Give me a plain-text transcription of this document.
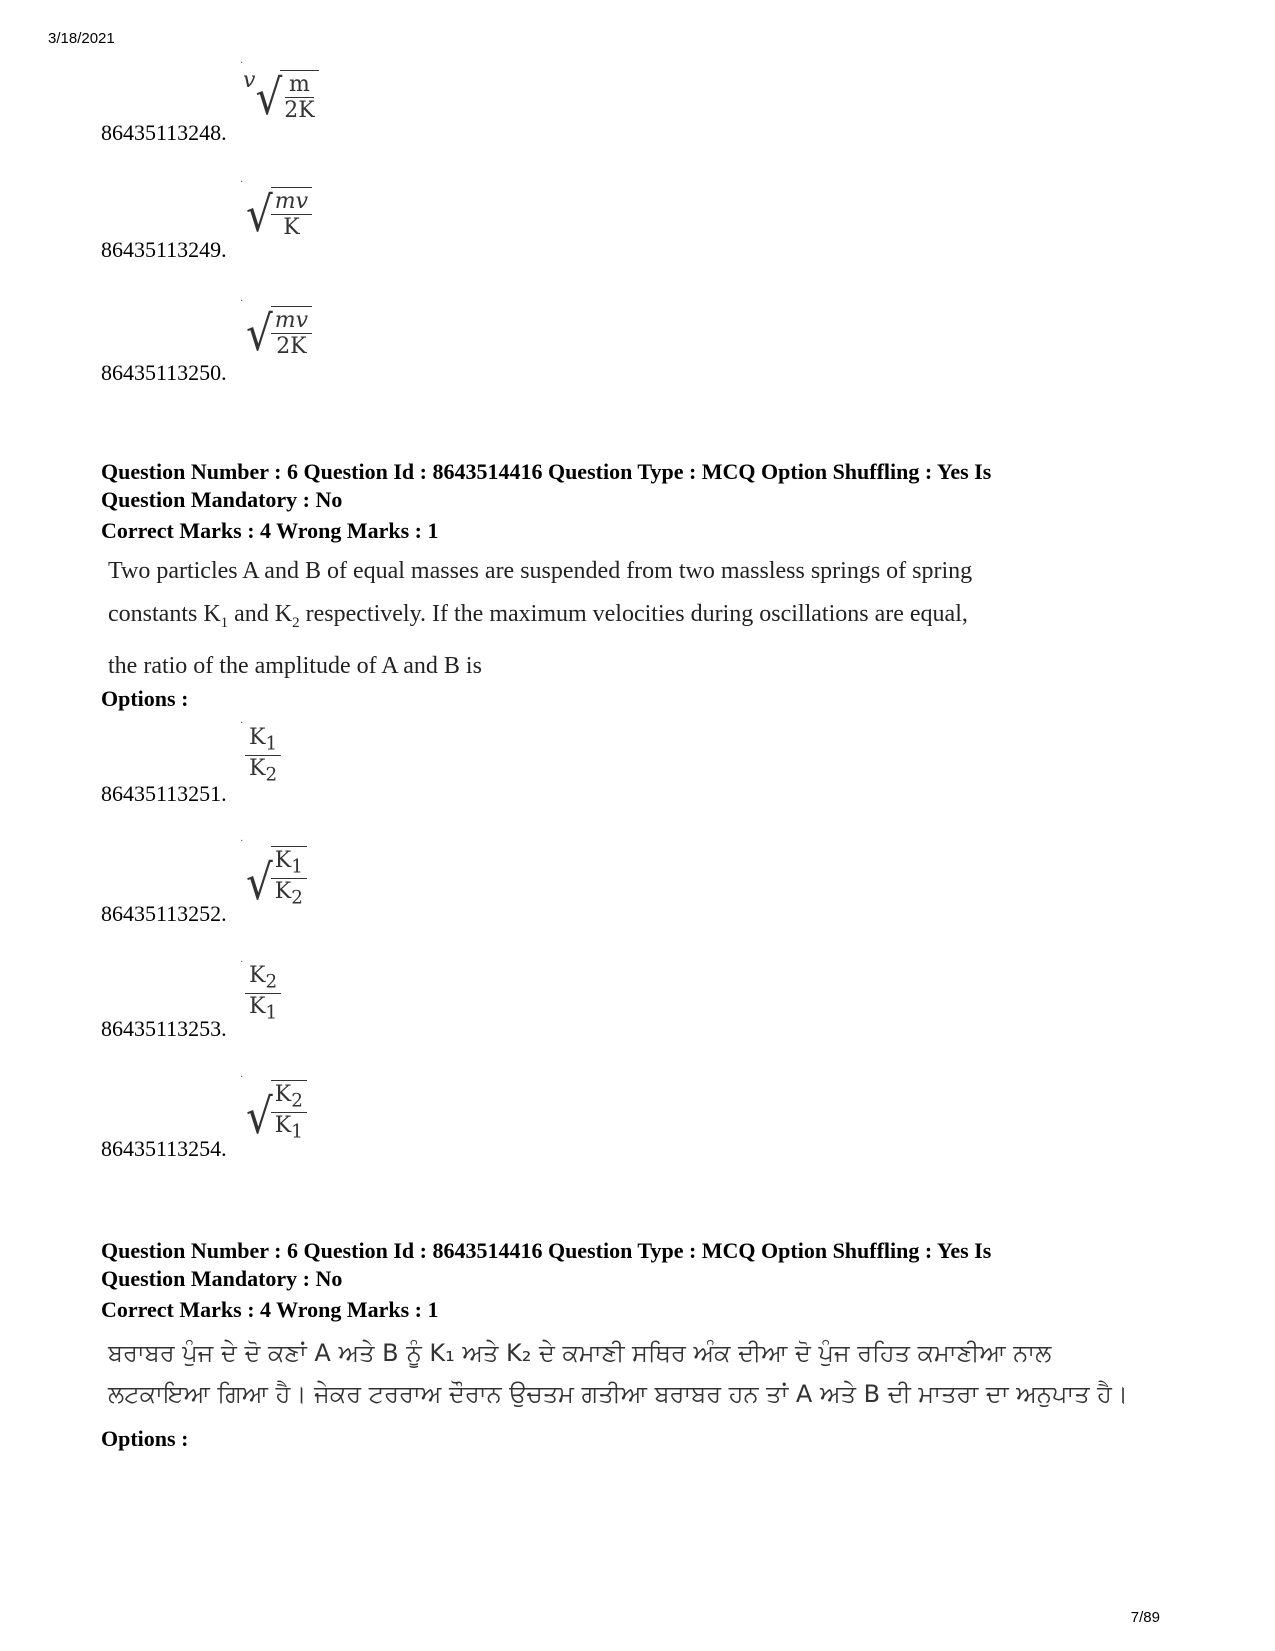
3/18/2021
·
v √
$\frac{m}{2K}$
86435113248.
·
√
$\frac{mv}{K}$
86435113249.
·
√
$\frac{mv}{2K}$
86435113250.
Question Number : 6 Question Id : 8643514416 Question Type : MCQ Option Shuffling : Yes Is
Question Mandatory : No
Correct Marks : 4 Wrong Marks : 1
Two particles A and B of equal masses are suspended from two massless springs of spring
constants $K_1$ and $K_2$ respectively. If the maximum velocities during oscillations are equal,
the ratio of the amplitude of A and B is
Options :
·
$\frac{K_1}{K_2}$
86435113251.
·
√
$\frac{K_1}{K_2}$
86435113252.
·
$\frac{K_2}{K_1}$
86435113253.
·
√
$\frac{K_2}{K_1}$
86435113254.
Question Number : 6 Question Id : 8643514416 Question Type : MCQ Option Shuffling : Yes Is
Question Mandatory : No
Correct Marks : 4 Wrong Marks : 1
ਬਰਾਬਰ ਪੁੰਜ ਦੇ ਦੋ ਕਣਾਂ A ਅਤੇ B ਨੂੰ K₁ ਅਤੇ K₂ ਦੇ ਕਮਾਣੀ ਸਥਿਰ ਅੰਕ ਦੀਆ ਦੋ ਪੁੰਜ ਰਹਿਤ ਕਮਾਣੀਆ ਨਾਲ
ਲਟਕਾਇਆ ਗਿਆ ਹੈ। ਜੇਕਰ ਟਰਰਾਅ ਦੌਰਾਨ ਉਚਤਮ ਗਤੀਆ ਬਰਾਬਰ ਹਨ ਤਾਂ A ਅਤੇ B ਦੀ ਮਾਤਰਾ ਦਾ ਅਨੁਪਾਤ ਹੈ।
Options :
7/89
